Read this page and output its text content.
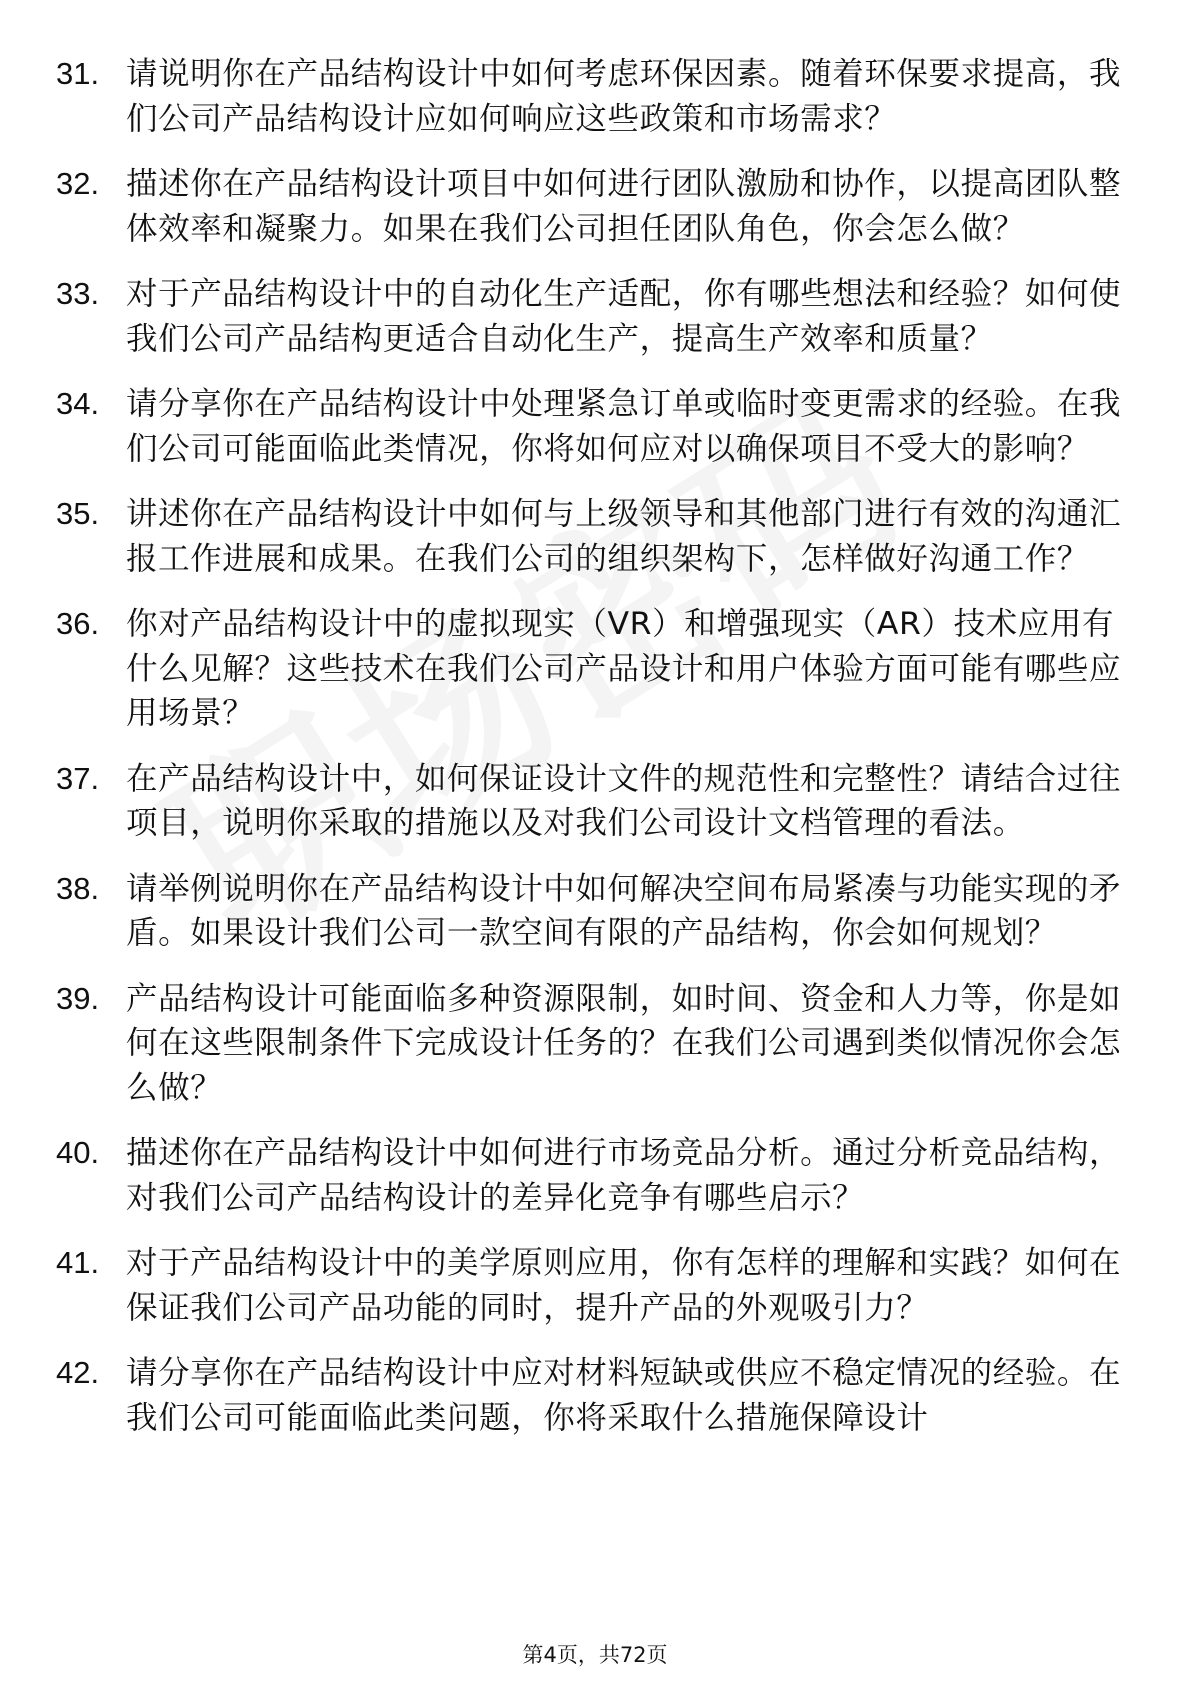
31. 请说明你在产品结构设计中如何考虑环保因素。随着环保要求提高，我们公司产品结构设计应如何响应这些政策和市场需求？
32. 描述你在产品结构设计项目中如何进行团队激励和协作，以提高团队整体效率和凝聚力。如果在我们公司担任团队角色，你会怎么做？
33. 对于产品结构设计中的自动化生产适配，你有哪些想法和经验？如何使我们公司产品结构更适合自动化生产，提高生产效率和质量？
34. 请分享你在产品结构设计中处理紧急订单或临时变更需求的经验。在我们公司可能面临此类情况，你将如何应对以确保项目不受大的影响？
35. 讲述你在产品结构设计中如何与上级领导和其他部门进行有效的沟通汇报工作进展和成果。在我们公司的组织架构下，怎样做好沟通工作？
36. 你对产品结构设计中的虚拟现实（VR）和增强现实（AR）技术应用有什么见解？这些技术在我们公司产品设计和用户体验方面可能有哪些应用场景？
37. 在产品结构设计中，如何保证设计文件的规范性和完整性？请结合过往项目，说明你采取的措施以及对我们公司设计文档管理的看法。
38. 请举例说明你在产品结构设计中如何解决空间布局紧凑与功能实现的矛盾。如果设计我们公司一款空间有限的产品结构，你会如何规划？
39. 产品结构设计可能面临多种资源限制，如时间、资金和人力等，你是如何在这些限制条件下完成设计任务的？在我们公司遇到类似情况你会怎么做？
40. 描述你在产品结构设计中如何进行市场竞品分析。通过分析竞品结构，对我们公司产品结构设计的差异化竞争有哪些启示？
41. 对于产品结构设计中的美学原则应用，你有怎样的理解和实践？如何在保证我们公司产品功能的同时，提升产品的外观吸引力？
42. 请分享你在产品结构设计中应对材料短缺或供应不稳定情况的经验。在我们公司可能面临此类问题，你将采取什么措施保障设计
第4页，共72页
